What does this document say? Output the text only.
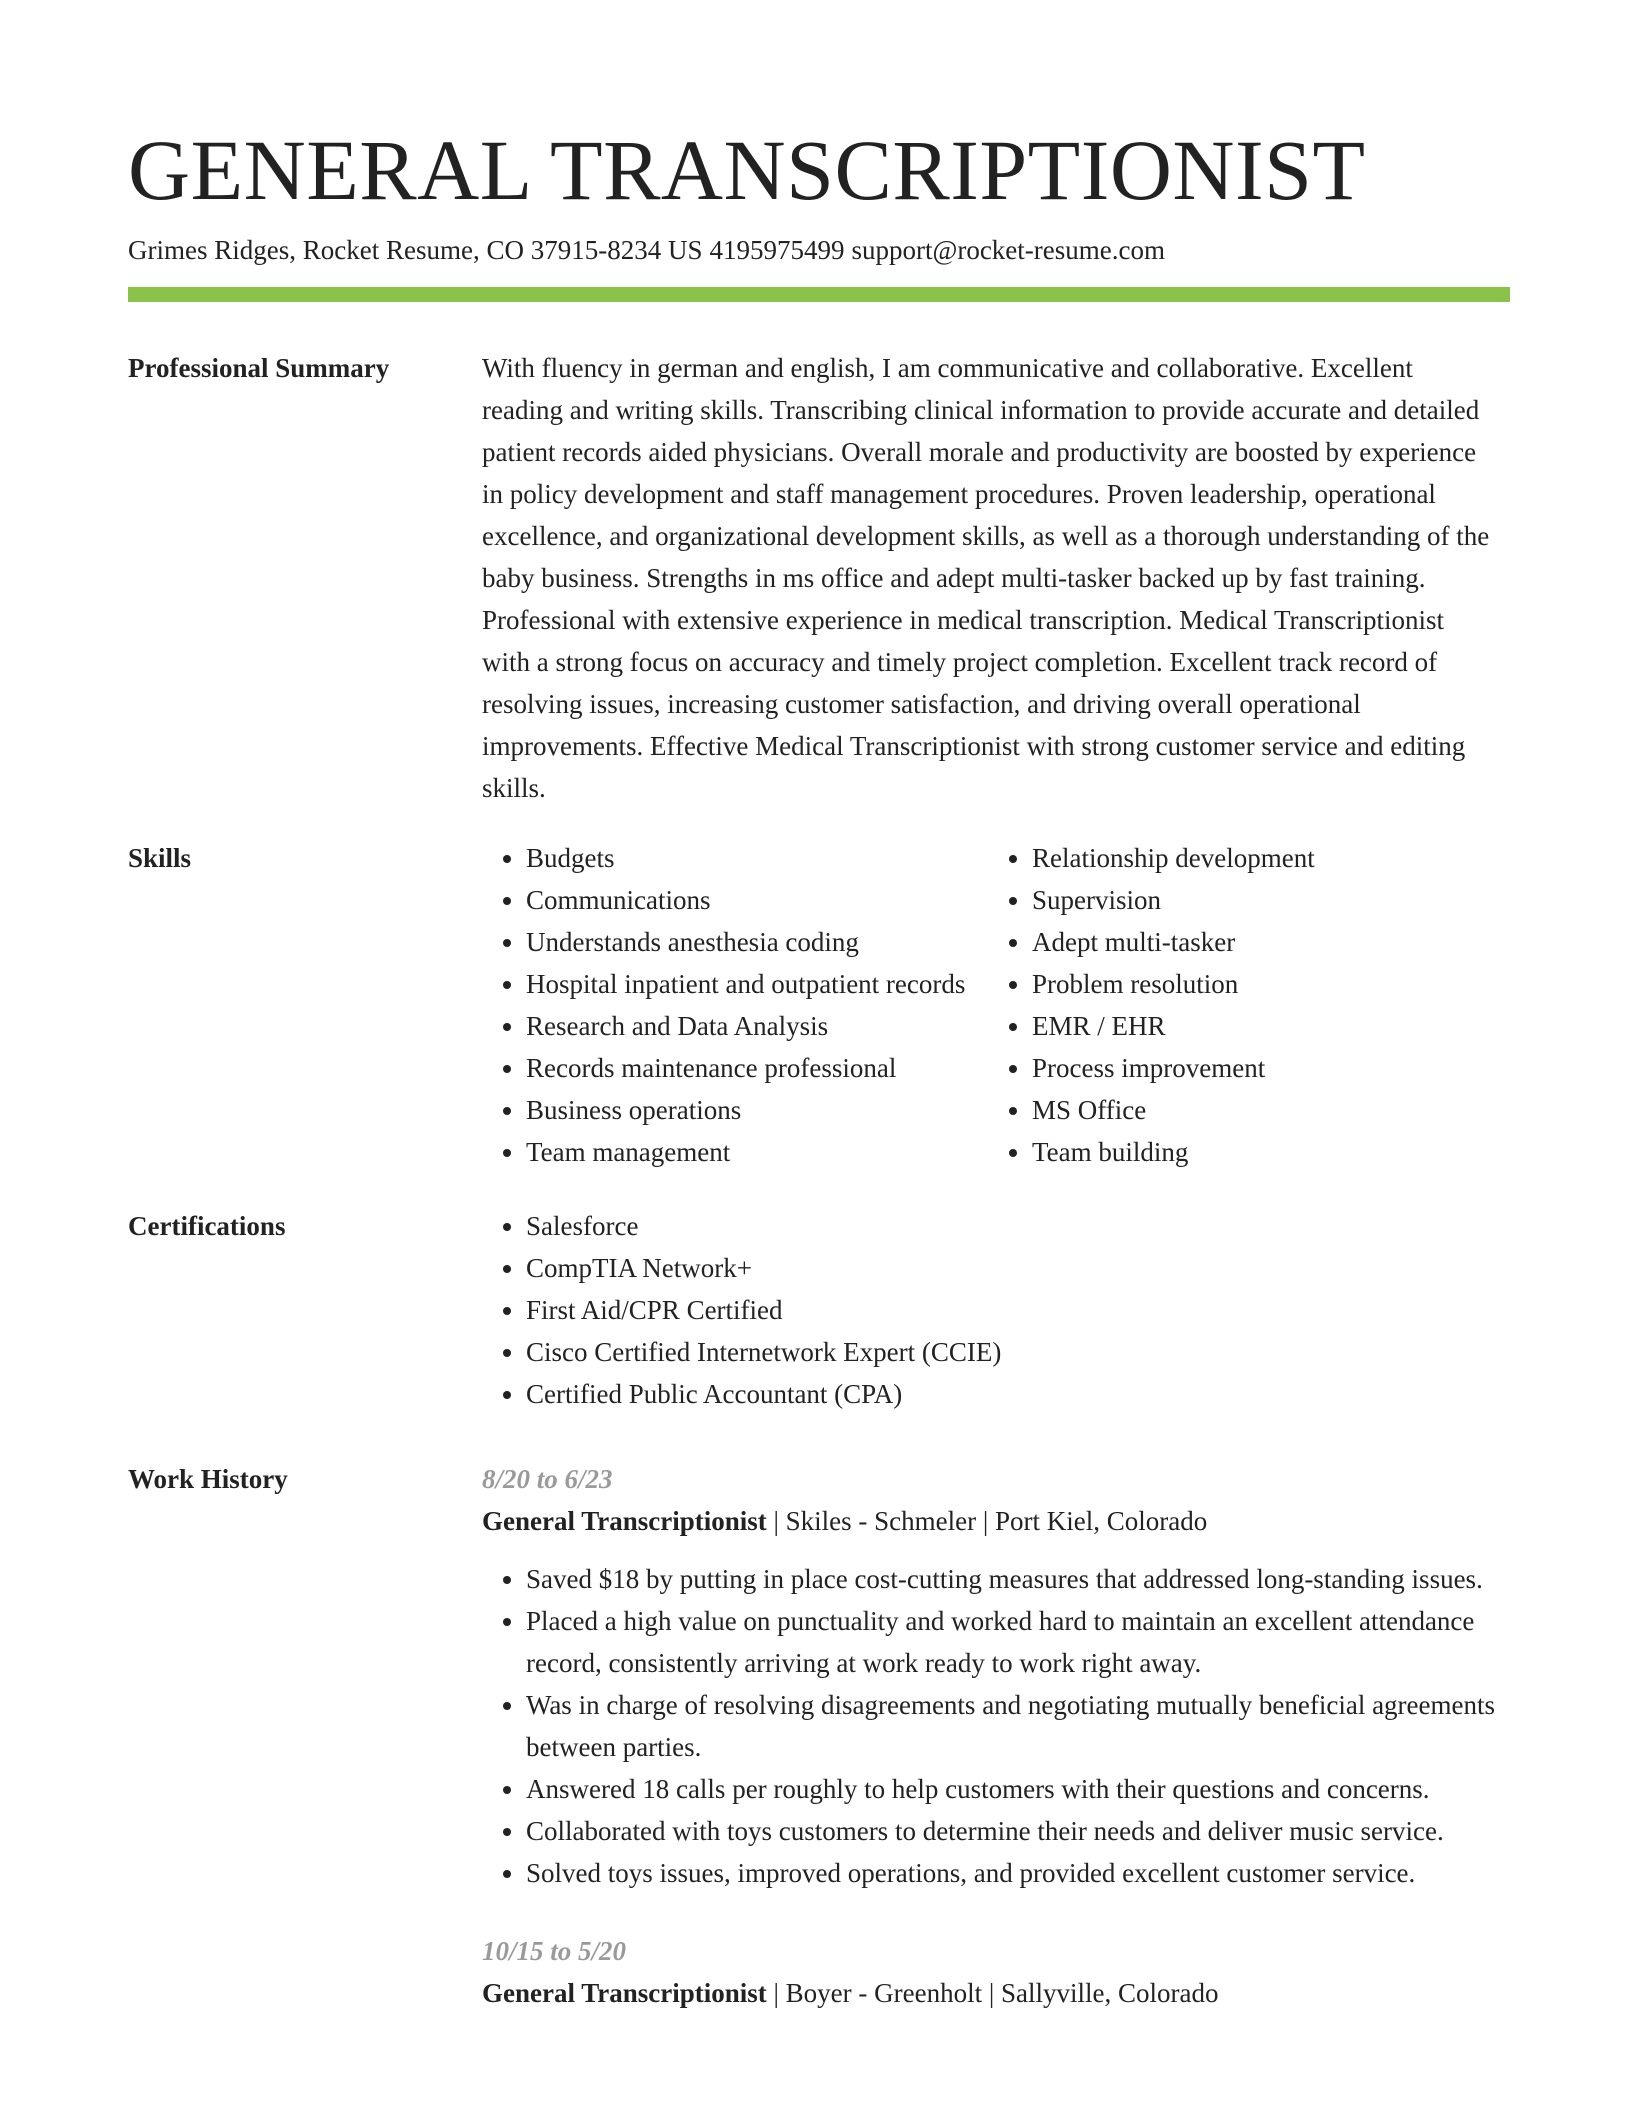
GENERAL TRANSCRIPTIONIST
Grimes Ridges, Rocket Resume, CO 37915-8234 US 4195975499 support@rocket-resume.com
Professional Summary	With fluency in german and english, I am communicative and collaborative. Excellent reading and writing skills. Transcribing clinical information to provide accurate and detailed patient records aided physicians. Overall morale and productivity are boosted by experience in policy development and staff management procedures. Proven leadership, operational excellence, and organizational development skills, as well as a thorough understanding of the baby business. Strengths in ms office and adept multi-tasker backed up by fast training. Professional with extensive experience in medical transcription. Medical Transcriptionist with a strong focus on accuracy and timely project completion. Excellent track record of resolving issues, increasing customer satisfaction, and driving overall operational improvements. Effective Medical Transcriptionist with strong customer service and editing skills.

Skills	• Budgets
• Communications
• Understands anesthesia coding
• Hospital inpatient and outpatient records
• Research and Data Analysis
• Records maintenance professional
• Business operations
• Team management
• Relationship development
• Supervision
• Adept multi-tasker
• Problem resolution
• EMR / EHR
• Process improvement
• MS Office
• Team building
Certifications	• Salesforce
• CompTIA Network+
• First Aid/CPR Certified
• Cisco Certified Internetwork Expert (CCIE)
• Certified Public Accountant (CPA)
Work History	8/20 to 6/23
General Transcriptionist | Skiles - Schmeler | Port Kiel, Colorado
• Saved $18 by putting in place cost-cutting measures that addressed long-standing issues.
• Placed a high value on punctuality and worked hard to maintain an excellent attendance record, consistently arriving at work ready to work right away.
• Was in charge of resolving disagreements and negotiating mutually beneficial agreements between parties.
• Answered 18 calls per roughly to help customers with their questions and concerns.
• Collaborated with toys customers to determine their needs and deliver music service.
• Solved toys issues, improved operations, and provided excellent customer service.
10/15 to 5/20
General Transcriptionist | Boyer - Greenholt | Sallyville, Colorado
